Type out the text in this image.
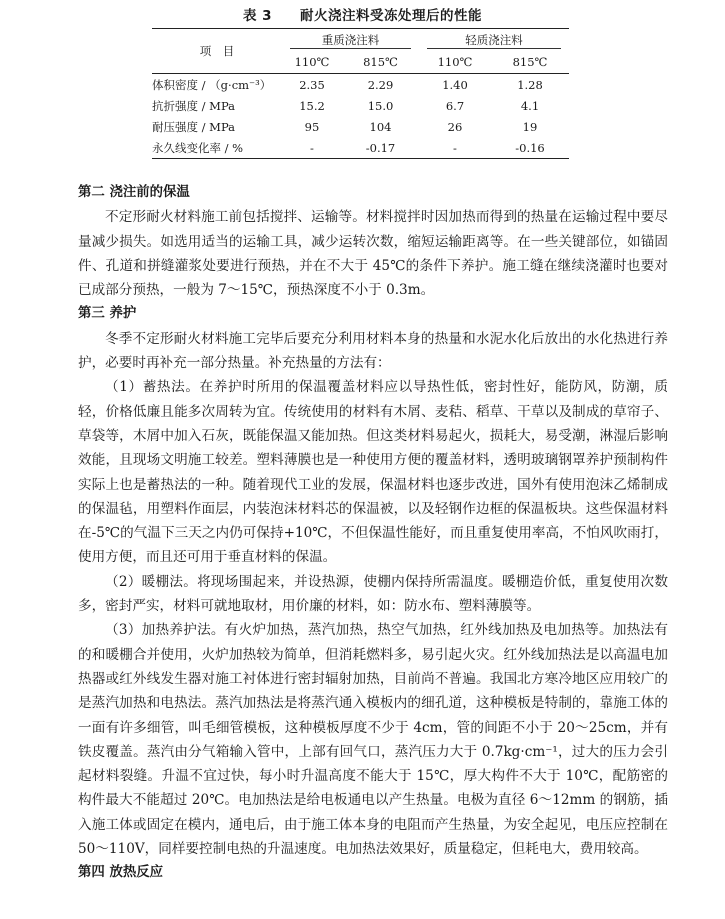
表 3　　耐火浇注料受冻处理后的性能
项　目	重质浇注料		轻质浇注料	
	110℃	815℃	110℃	815℃
体积密度 / （g·cm⁻³）	2.35	2.29	1.40	1.28
抗折强度 / MPa	15.2	15.0	6.7	4.1
耐压强度 / MPa	95	104	26	19
永久线变化率 / %	-	-0.17	-	-0.16

第二 浇注前的保温

不定形耐火材料施工前包括搅拌、运输等。材料搅拌时因加热而得到的热量在运输过程中要尽量减少损失。如选用适当的运输工具，减少运转次数，缩短运输距离等。在一些关键部位，如锚固件、孔道和拼缝灌浆处要进行预热，并在不大于 45℃的条件下养护。施工缝在继续浇灌时也要对已成部分预热，一般为 7～15℃，预热深度不小于 0.3m。

第三 养护

冬季不定形耐火材料施工完毕后要充分利用材料本身的热量和水泥水化后放出的水化热进行养护，必要时再补充一部分热量。补充热量的方法有：

（1）蓄热法。在养护时所用的保温覆盖材料应以导热性低，密封性好，能防风，防潮，质轻，价格低廉且能多次周转为宜。传统使用的材料有木屑、麦秸、稻草、干草以及制成的草帘子、草袋等，木屑中加入石灰，既能保温又能加热。但这类材料易起火，损耗大，易受潮，淋湿后影响效能，且现场文明施工较差。塑料薄膜也是一种使用方便的覆盖材料，透明玻璃钢罩养护预制构件实际上也是蓄热法的一种。随着现代工业的发展，保温材料也逐步改进，国外有使用泡沫乙烯制成的保温毡，用塑料作面层，内装泡沫材料芯的保温被，以及轻钢作边框的保温板块。这些保温材料在-5℃的气温下三天之内仍可保持+10℃，不但保温性能好，而且重复使用率高，不怕风吹雨打，使用方便，而且还可用于垂直材料的保温。

（2）暖棚法。将现场围起来，并设热源，使棚内保持所需温度。暖棚造价低，重复使用次数多，密封严实，材料可就地取材，用价廉的材料，如：防水布、塑料薄膜等。

（3）加热养护法。有火炉加热，蒸汽加热，热空气加热，红外线加热及电加热等。加热法有的和暖棚合并使用，火炉加热较为简单，但消耗燃料多，易引起火灾。红外线加热法是以高温电加热器或红外线发生器对施工衬体进行密封辐射加热，目前尚不普遍。我国北方寒冷地区应用较广的是蒸汽加热和电热法。蒸汽加热法是将蒸汽通入模板内的细孔道，这种模板是特制的，靠施工体的一面有许多细管，叫毛细管模板，这种模板厚度不少于 4cm，管的间距不小于 20～25cm，并有铁皮覆盖。蒸汽由分气箱输入管中，上部有回气口，蒸汽压力大于 0.7kg·cm⁻¹，过大的压力会引起材料裂缝。升温不宜过快，每小时升温高度不能大于 15℃，厚大构件不大于 10℃，配筋密的构件最大不能超过 20℃。电加热法是给电板通电以产生热量。电极为直径 6～12mm 的钢筋，插入施工体或固定在模内，通电后，由于施工体本身的电阻而产生热量，为安全起见，电压应控制在 50～110V，同样要控制电热的升温速度。电加热法效果好，质量稳定，但耗电大，费用较高。

第四 放热反应
